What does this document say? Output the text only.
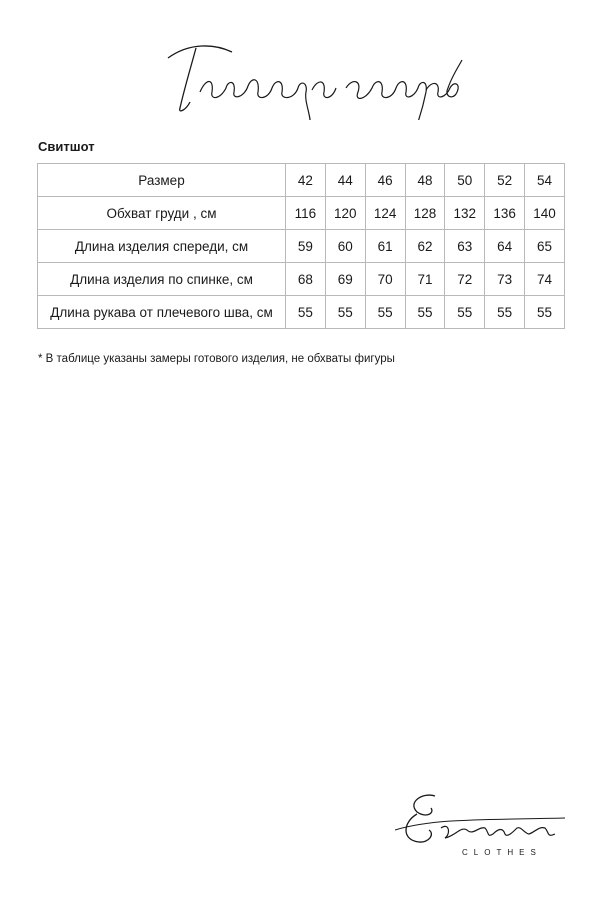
Свитшот
Размер	42	44	46	48	50	52	54
Обхват груди , см	116	120	124	128	132	136	140
Длина изделия спереди, см	59	60	61	62	63	64	65
Длина изделия по спинке, см	68	69	70	71	72	73	74
Длина рукава от плечевого шва, см	55	55	55	55	55	55	55
* В таблице указаны замеры готового изделия, не обхваты фигуры
CLOTHES
